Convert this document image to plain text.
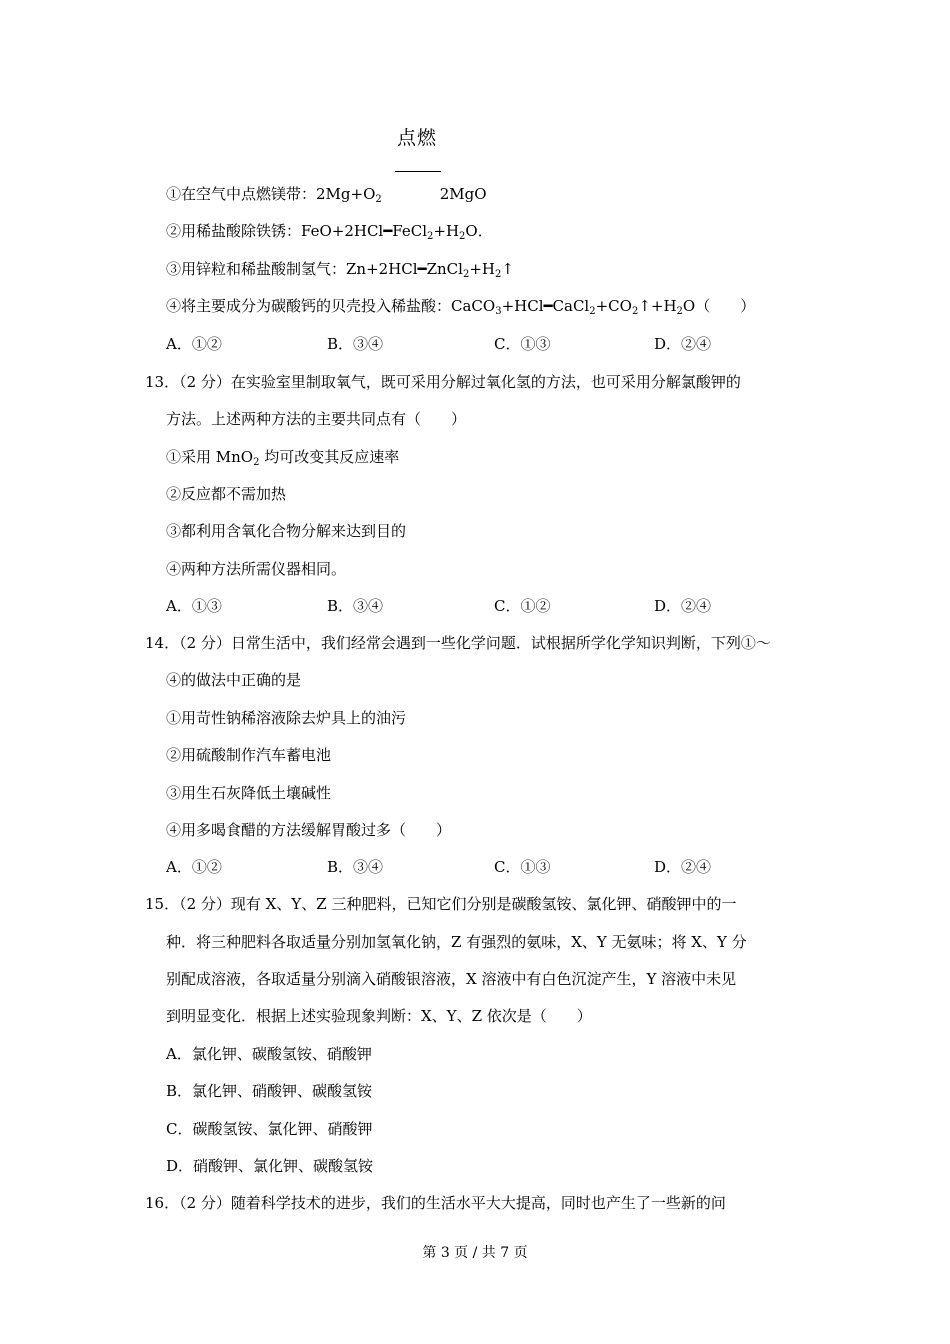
点燃
①在空气中点燃镁带：$2Mg+O_2$	2MgO
②用稀盐酸除铁锈：$FeO+2HCl━FeCl_2+H_2O$．
③用锌粒和稀盐酸制氢气：$Zn+2HCl━ZnCl_2+H_2↑$
④将主要成分为碳酸钙的贝壳投入稀盐酸：$CaCO_3+HCl━CaCl_2+CO_2↑+H_2O$（　　）
A．①②	B．③④	C．①③	D．②④
13．（2 分）在实验室里制取氧气，既可采用分解过氧化氢的方法，也可采用分解氯酸钾的
方法。上述两种方法的主要共同点有（　　）
①采用 MnO$_2$ 均可改变其反应速率
②反应都不需加热
③都利用含氧化合物分解来达到目的
④两种方法所需仪器相同。
A．①③	B．③④	C．①②	D．②④
14．（2 分）日常生活中，我们经常会遇到一些化学问题．试根据所学化学知识判断，下列①～
④的做法中正确的是
①用苛性钠稀溶液除去炉具上的油污
②用硫酸制作汽车蓄电池
③用生石灰降低土壤碱性
④用多喝食醋的方法缓解胃酸过多（　　）
A．①②	B．③④	C．①③	D．②④
15．（2 分）现有 X、Y、Z 三种肥料，已知它们分别是碳酸氢铵、氯化钾、硝酸钾中的一
种．将三种肥料各取适量分别加氢氧化钠，Z 有强烈的氨味，X、Y 无氨味；将 X、Y 分
别配成溶液，各取适量分别滴入硝酸银溶液，X 溶液中有白色沉淀产生，Y 溶液中未见
到明显变化．根据上述实验现象判断：X、Y、Z 依次是（　　）
A．氯化钾、碳酸氢铵、硝酸钾
B．氯化钾、硝酸钾、碳酸氢铵
C．碳酸氢铵、氯化钾、硝酸钾
D．硝酸钾、氯化钾、碳酸氢铵
16．（2 分）随着科学技术的进步，我们的生活水平大大提高，同时也产生了一些新的问
第 3 页 / 共 7 页
